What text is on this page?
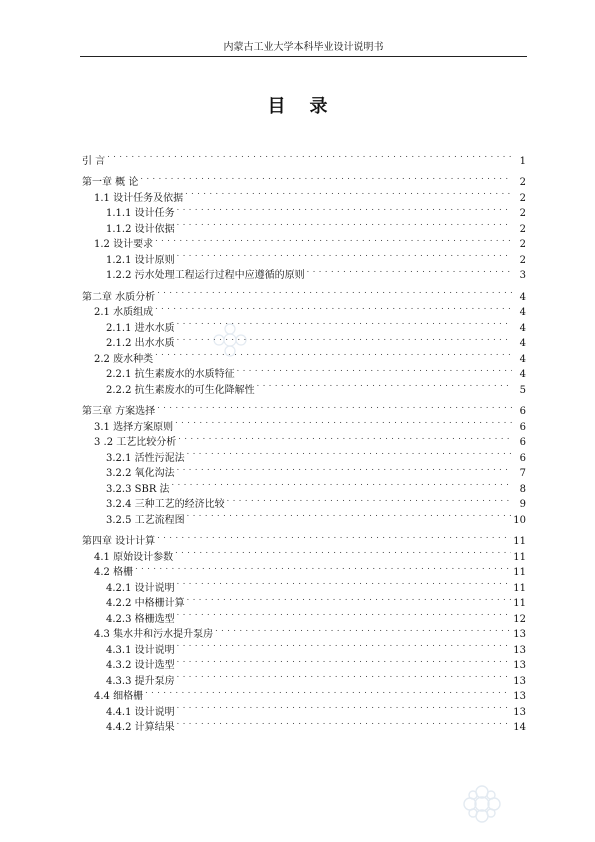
内蒙古工业大学本科毕业设计说明书
目录
引 言 . . .	1
第一章 概 论 . . .	2
1.1 设计任务及依据 . . .	2
1.1.1 设计任务 . . .	2
1.1.2 设计依据 . . .	2
1.2 设计要求 . . .	2
1.2.1 设计原则 . . .	2
1.2.2 污水处理工程运行过程中应遵循的原则 . . .	3
第二章 水质分析 . . .	4
2.1 水质组成 . . .	4
2.1.1 进水水质 . . .	4
2.1.2 出水水质 . . .	4
2.2 废水种类 . . .	4
2.2.1 抗生素废水的水质特征 . . .	4
2.2.2 抗生素废水的可生化降解性 . . .	5
第三章 方案选择 . . .	6
3.1 选择方案原则 . . .	6
3 .2 工艺比较分析 . . .	6
3.2.1 活性污泥法 . . .	6
3.2.2 氧化沟法 . . .	7
3.2.3 SBR 法 . . .	8
3.2.4 三种工艺的经济比较 . . .	9
3.2.5 工艺流程图 . . .	10
第四章 设计计算 . . .	11
4.1 原始设计参数 . . .	11
4.2 格栅 . . .	11
4.2.1 设计说明 . . .	11
4.2.2 中格栅计算 . . .	11
4.2.3 格栅选型 . . .	12
4.3 集水井和污水提升泵房 . . .	13
4.3.1 设计说明 . . .	13
4.3.2 设计选型 . . .	13
4.3.3 提升泵房 . . .	13
4.4 细格栅 . . .	13
4.4.1 设计说明 . . .	13
4.4.2 计算结果 . . .	14
